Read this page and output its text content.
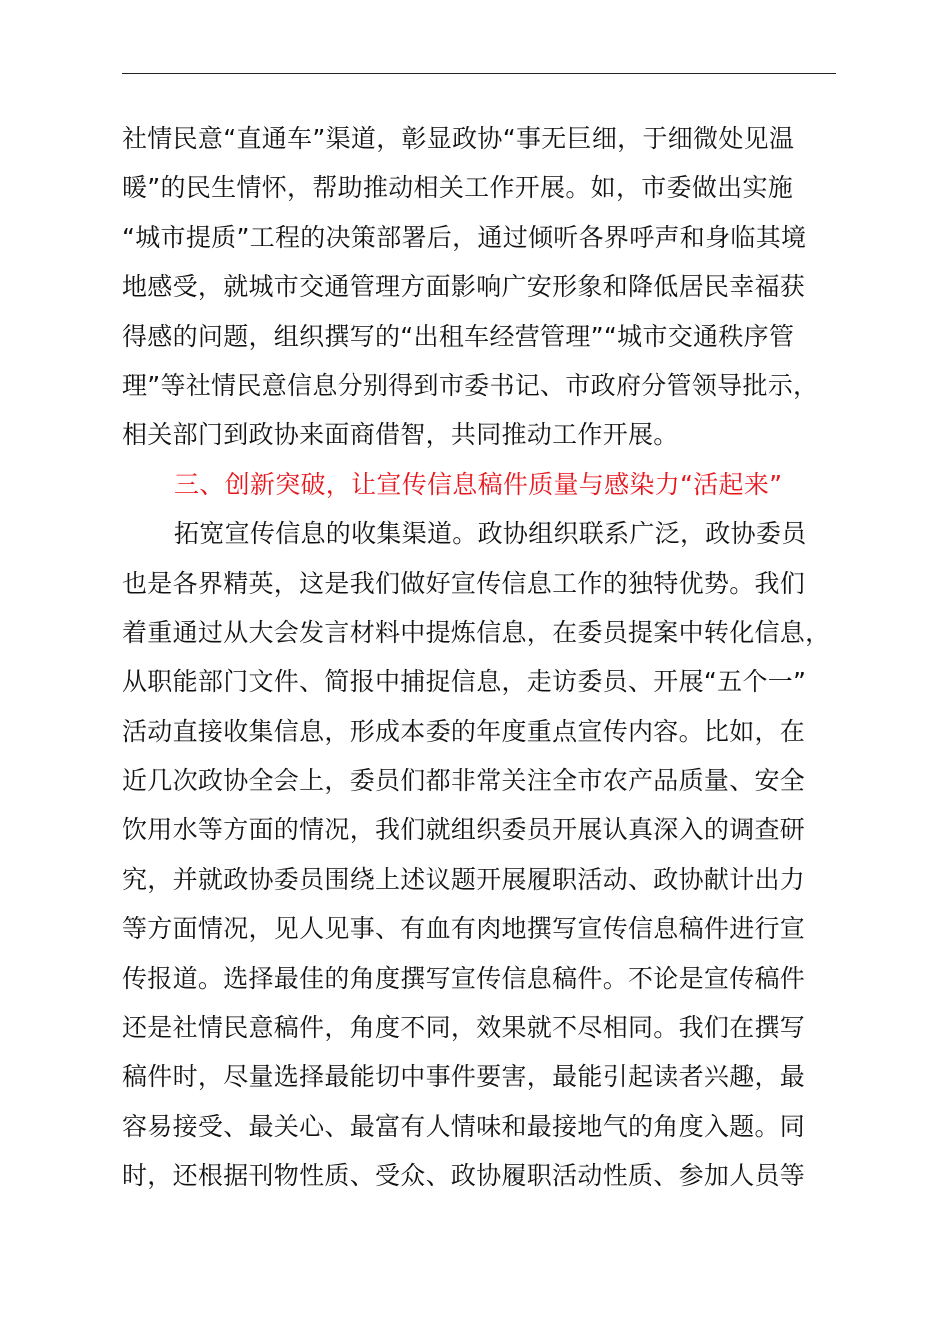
社情民意“直通车”渠道，彰显政协“事无巨细，于细微处见温
暖”的民生情怀，帮助推动相关工作开展。如，市委做出实施
“城市提质”工程的决策部署后，通过倾听各界呼声和身临其境
地感受，就城市交通管理方面影响广安形象和降低居民幸福获
得感的问题，组织撰写的“出租车经营管理”“城市交通秩序管
理”等社情民意信息分别得到市委书记、市政府分管领导批示，
相关部门到政协来面商借智，共同推动工作开展。
三、创新突破，让宣传信息稿件质量与感染力“活起来”
拓宽宣传信息的收集渠道。政协组织联系广泛，政协委员
也是各界精英，这是我们做好宣传信息工作的独特优势。我们
着重通过从大会发言材料中提炼信息，在委员提案中转化信息，
从职能部门文件、简报中捕捉信息，走访委员、开展“五个一”
活动直接收集信息，形成本委的年度重点宣传内容。比如，在
近几次政协全会上，委员们都非常关注全市农产品质量、安全
饮用水等方面的情况，我们就组织委员开展认真深入的调查研
究，并就政协委员围绕上述议题开展履职活动、政协献计出力
等方面情况，见人见事、有血有肉地撰写宣传信息稿件进行宣
传报道。选择最佳的角度撰写宣传信息稿件。不论是宣传稿件
还是社情民意稿件，角度不同，效果就不尽相同。我们在撰写
稿件时，尽量选择最能切中事件要害，最能引起读者兴趣，最
容易接受、最关心、最富有人情味和最接地气的角度入题。同
时，还根据刊物性质、受众、政协履职活动性质、参加人员等
